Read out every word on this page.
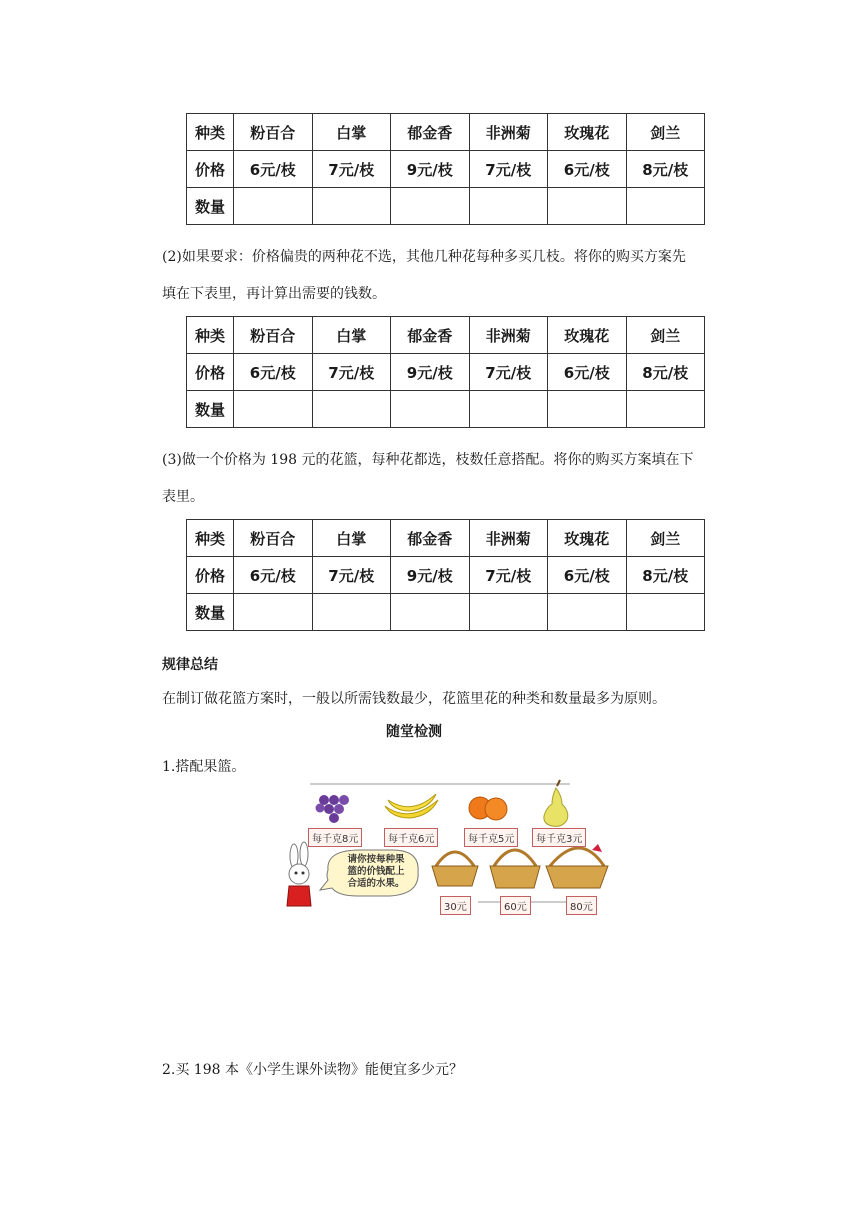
种类	粉百合	白掌	郁金香	非洲菊	玫瑰花	剑兰
价格	6元/枝	7元/枝	9元/枝	7元/枝	6元/枝	8元/枝
数量						
(2)如果要求：价格偏贵的两种花不选，其他几种花每种多买几枝。将你的购买方案先
填在下表里，再计算出需要的钱数。
种类	粉百合	白掌	郁金香	非洲菊	玫瑰花	剑兰
价格	6元/枝	7元/枝	9元/枝	7元/枝	6元/枝	8元/枝
数量						
(3)做一个价格为 198 元的花篮，每种花都选，枝数任意搭配。将你的购买方案填在下
表里。
种类	粉百合	白掌	郁金香	非洲菊	玫瑰花	剑兰
价格	6元/枝	7元/枝	9元/枝	7元/枝	6元/枝	8元/枝
数量						
规律总结
在制订做花篮方案时，一般以所需钱数最少，花篮里花的种类和数量最多为原则。
随堂检测
1.搭配果篮。
每千克8元	每千克6元	每千克5元	每千克3元
请你按每种果
篮的价钱配上
合适的水果。
30元	60元	80元
2.买 198 本《小学生课外读物》能便宜多少元？
